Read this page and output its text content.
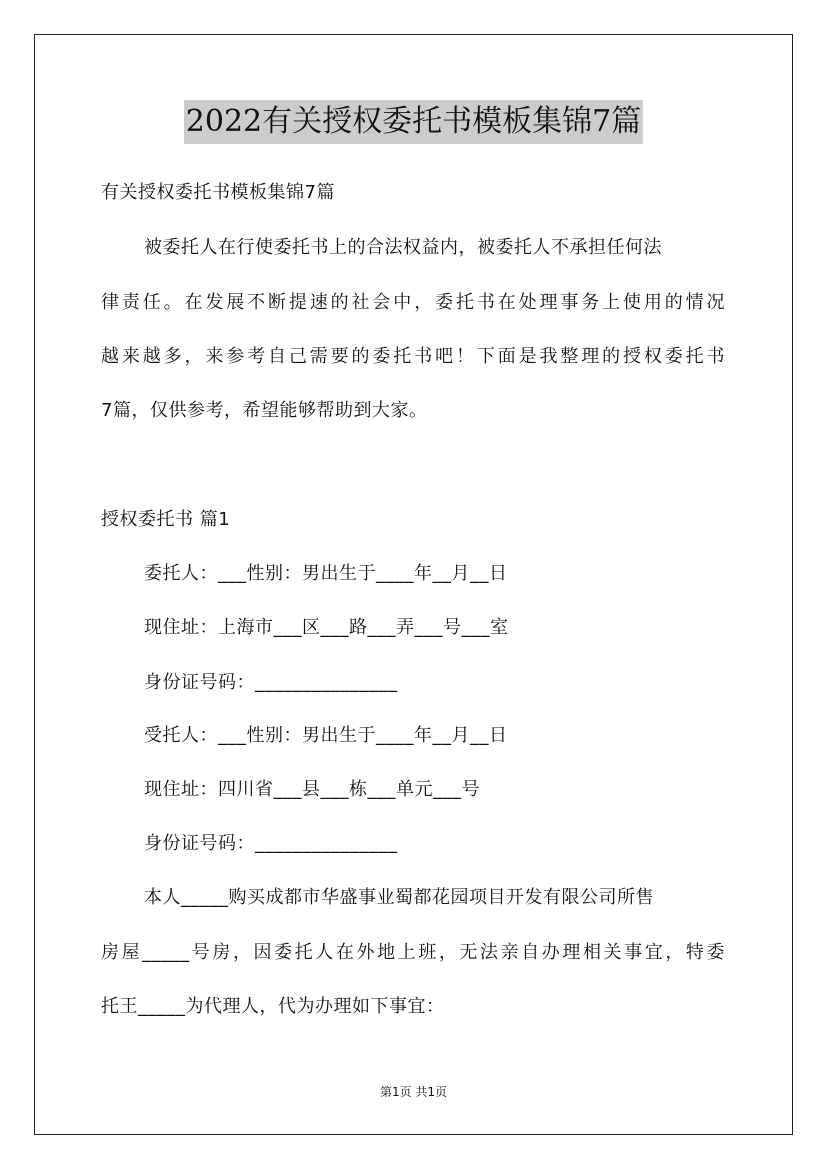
2022有关授权委托书模板集锦7篇
有关授权委托书模板集锦7篇
被委托人在行使委托书上的合法权益内，被委托人不承担任何法
律责任。在发展不断提速的社会中，委托书在处理事务上使用的情况
越来越多，来参考自己需要的委托书吧！下面是我整理的授权委托书
7篇，仅供参考，希望能够帮助到大家。
授权委托书 篇1
委托人：___性别：男出生于____年__月__日
现住址：上海市___区___路___弄___号___室
身份证号码：_______________
受托人：___性别：男出生于____年__月__日
现住址：四川省___县___栋___单元___号
身份证号码：_______________
本人_____购买成都市华盛事业蜀都花园项目开发有限公司所售
房屋_____号房，因委托人在外地上班，无法亲自办理相关事宜，特委
托王_____为代理人，代为办理如下事宜：
第1页 共1页
